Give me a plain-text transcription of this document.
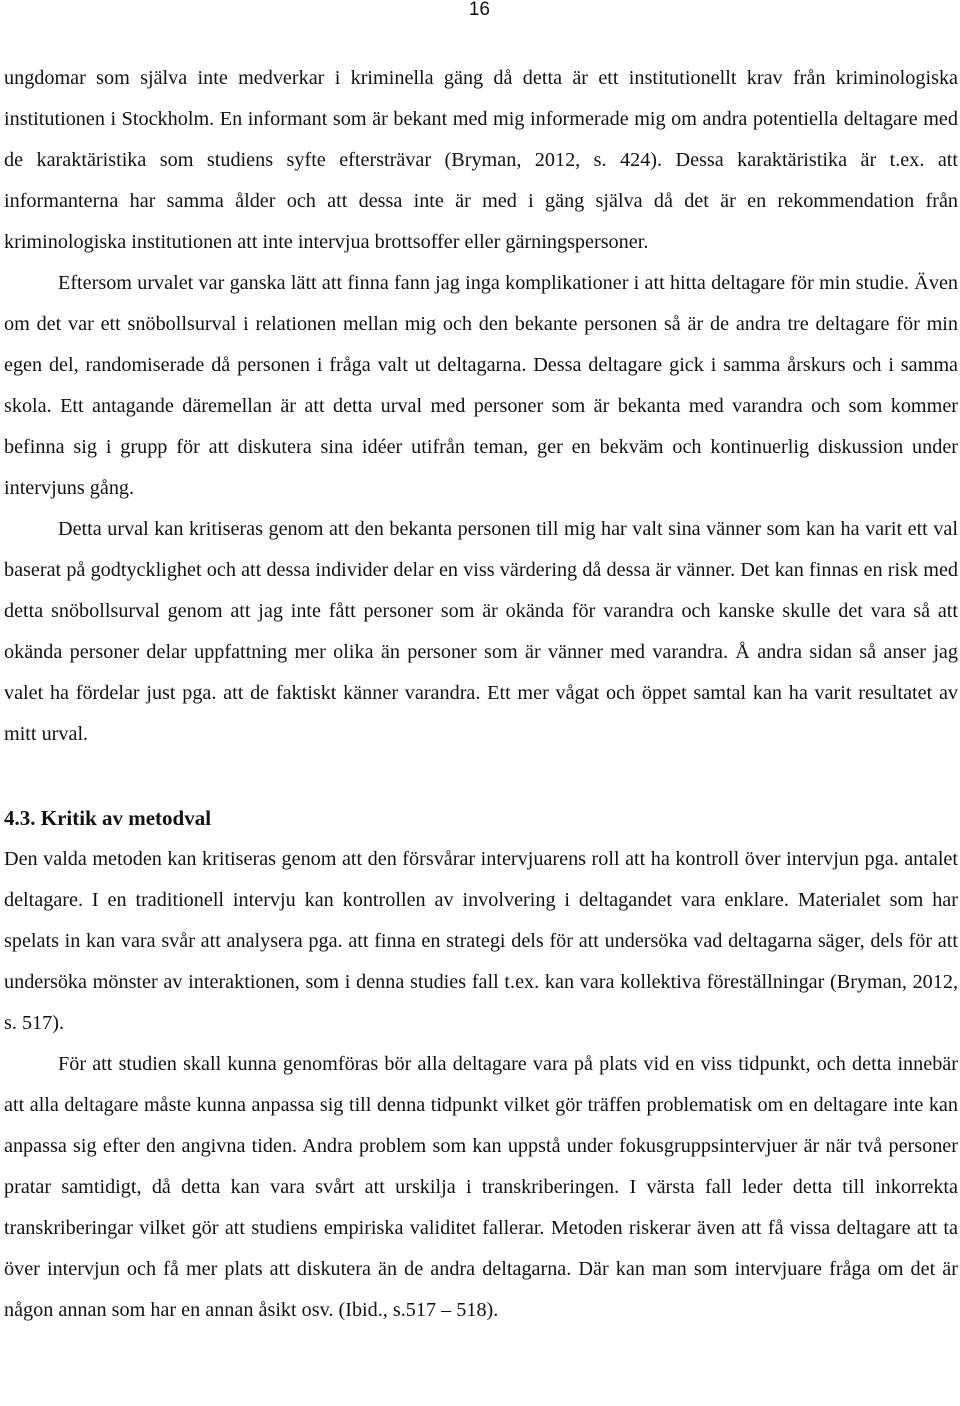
16

ungdomar som själva inte medverkar i kriminella gäng då detta är ett institutionellt krav från kriminologiska institutionen i Stockholm. En informant som är bekant med mig informerade mig om andra potentiella deltagare med de karaktäristika som studiens syfte eftersträvar (Bryman, 2012, s. 424). Dessa karaktäristika är t.ex. att informanterna har samma ålder och att dessa inte är med i gäng själva då det är en rekommendation från kriminologiska institutionen att inte intervjua brottsoffer eller gärningspersoner.

Eftersom urvalet var ganska lätt att finna fann jag inga komplikationer i att hitta deltagare för min studie. Även om det var ett snöbollsurval i relationen mellan mig och den bekante personen så är de andra tre deltagare för min egen del, randomiserade då personen i fråga valt ut deltagarna. Dessa deltagare gick i samma årskurs och i samma skola. Ett antagande däremellan är att detta urval med personer som är bekanta med varandra och som kommer befinna sig i grupp för att diskutera sina idéer utifrån teman, ger en bekväm och kontinuerlig diskussion under intervjuns gång.

Detta urval kan kritiseras genom att den bekanta personen till mig har valt sina vänner som kan ha varit ett val baserat på godtycklighet och att dessa individer delar en viss värdering då dessa är vänner. Det kan finnas en risk med detta snöbollsurval genom att jag inte fått personer som är okända för varandra och kanske skulle det vara så att okända personer delar uppfattning mer olika än personer som är vänner med varandra. Å andra sidan så anser jag valet ha fördelar just pga. att de faktiskt känner varandra. Ett mer vågat och öppet samtal kan ha varit resultatet av mitt urval.

4.3. Kritik av metodval

Den valda metoden kan kritiseras genom att den försvårar intervjuarens roll att ha kontroll över intervjun pga. antalet deltagare. I en traditionell intervju kan kontrollen av involvering i deltagandet vara enklare. Materialet som har spelats in kan vara svår att analysera pga. att finna en strategi dels för att undersöka vad deltagarna säger, dels för att undersöka mönster av interaktionen, som i denna studies fall t.ex. kan vara kollektiva föreställningar (Bryman, 2012, s. 517).

För att studien skall kunna genomföras bör alla deltagare vara på plats vid en viss tidpunkt, och detta innebär att alla deltagare måste kunna anpassa sig till denna tidpunkt vilket gör träffen problematisk om en deltagare inte kan anpassa sig efter den angivna tiden. Andra problem som kan uppstå under fokusgruppsintervjuer är när två personer pratar samtidigt, då detta kan vara svårt att urskilja i transkriberingen. I värsta fall leder detta till inkorrekta transkriberingar vilket gör att studiens empiriska validitet fallerar. Metoden riskerar även att få vissa deltagare att ta över intervjun och få mer plats att diskutera än de andra deltagarna. Där kan man som intervjuare fråga om det är någon annan som har en annan åsikt osv. (Ibid., s.517 – 518).
